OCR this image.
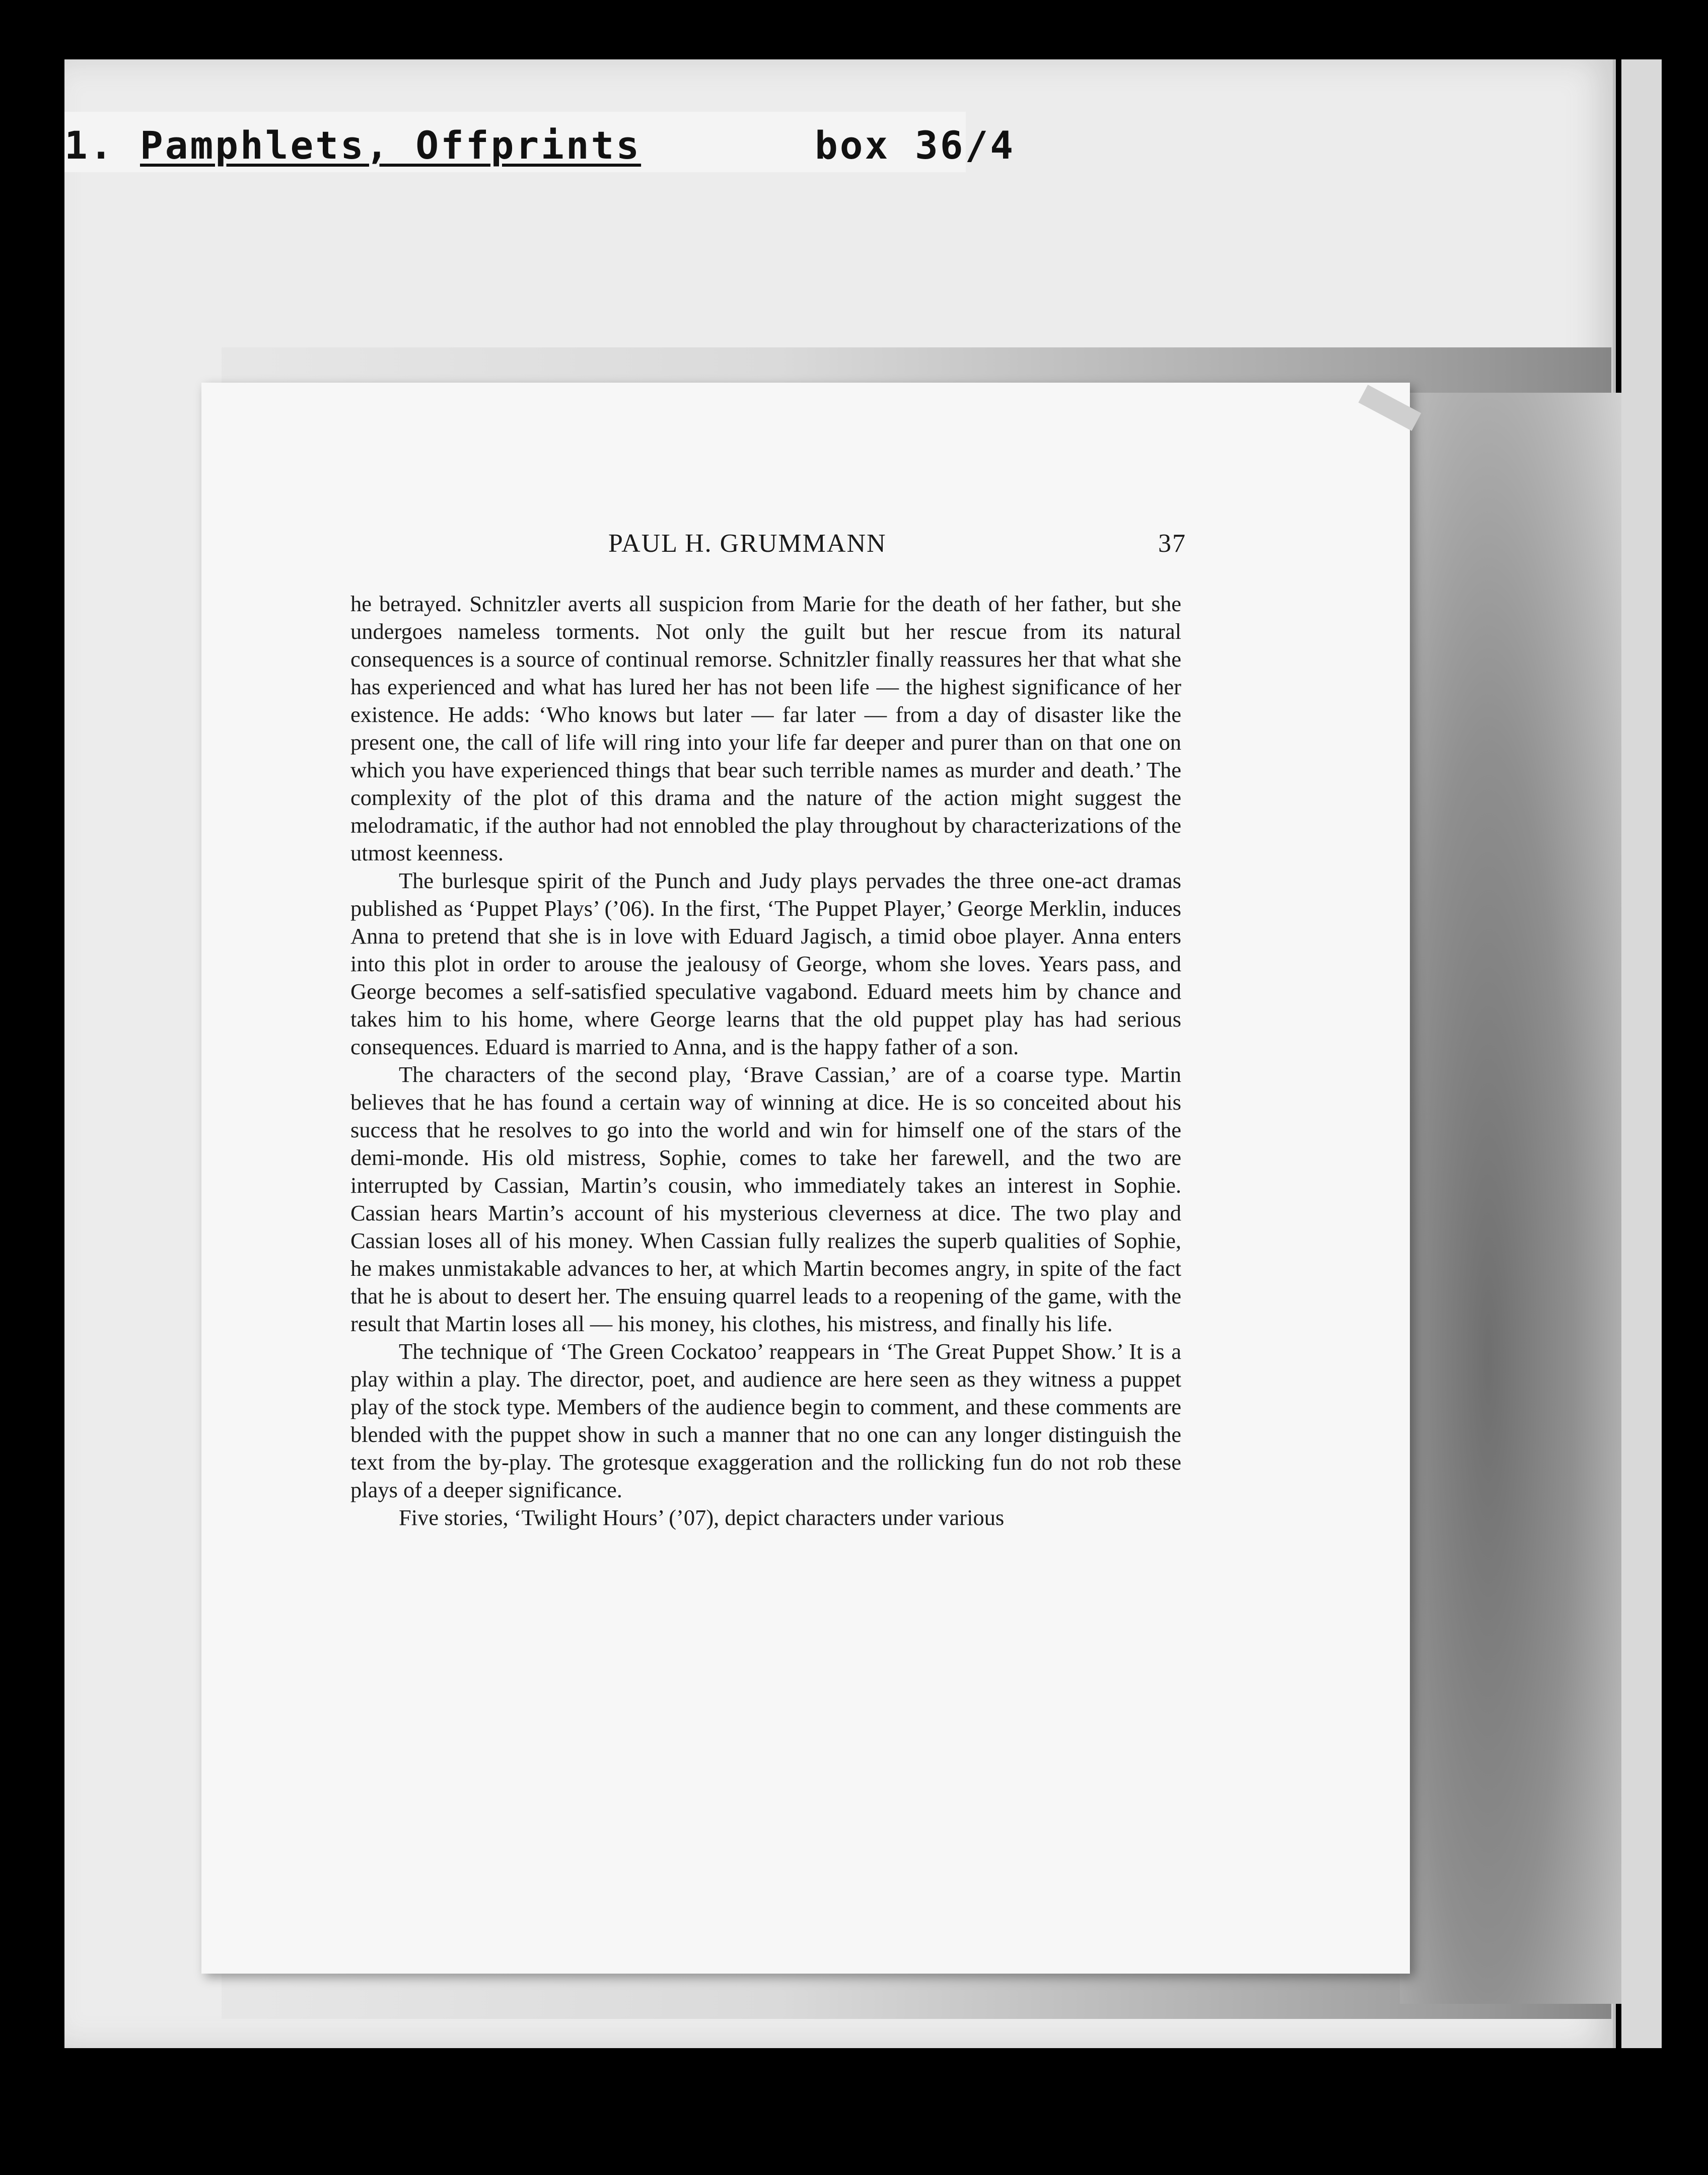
1. Pamphlets, Offprints	box 36/4
PAUL H. GRUMMANN	37

he betrayed. Schnitzler averts all suspicion from Marie for the death of her father, but she undergoes nameless torments. Not only the guilt but her rescue from its natural consequences is a source of continual remorse. Schnitzler finally reassures her that what she has experienced and what has lured her has not been life — the highest significance of her existence. He adds: ‘Who knows but later — far later — from a day of disaster like the present one, the call of life will ring into your life far deeper and purer than on that one on which you have experienced things that bear such terrible names as murder and death.’ The complexity of the plot of this drama and the nature of the action might suggest the melodramatic, if the author had not ennobled the play throughout by characterizations of the utmost keenness.

The burlesque spirit of the Punch and Judy plays pervades the three one-act dramas published as ‘Puppet Plays’ (’06). In the first, ‘The Puppet Player,’ George Merklin, induces Anna to pretend that she is in love with Eduard Jagisch, a timid oboe player. Anna enters into this plot in order to arouse the jealousy of George, whom she loves. Years pass, and George becomes a self-satisfied speculative vagabond. Eduard meets him by chance and takes him to his home, where George learns that the old puppet play has had serious consequences. Eduard is married to Anna, and is the happy father of a son.

The characters of the second play, ‘Brave Cassian,’ are of a coarse type. Martin believes that he has found a certain way of winning at dice. He is so conceited about his success that he resolves to go into the world and win for himself one of the stars of the demi-monde. His old mistress, Sophie, comes to take her farewell, and the two are interrupted by Cassian, Martin’s cousin, who immediately takes an interest in Sophie. Cassian hears Martin’s account of his mysterious cleverness at dice. The two play and Cassian loses all of his money. When Cassian fully realizes the superb qualities of Sophie, he makes unmistakable advances to her, at which Martin becomes angry, in spite of the fact that he is about to desert her. The ensuing quarrel leads to a reopening of the game, with the result that Martin loses all — his money, his clothes, his mistress, and finally his life.

The technique of ‘The Green Cockatoo’ reappears in ‘The Great Puppet Show.’ It is a play within a play. The director, poet, and audience are here seen as they witness a puppet play of the stock type. Members of the audience begin to comment, and these comments are blended with the puppet show in such a manner that no one can any longer distinguish the text from the by-play. The grotesque exaggeration and the rollicking fun do not rob these plays of a deeper significance.

Five stories, ‘Twilight Hours’ (’07), depict characters under various
